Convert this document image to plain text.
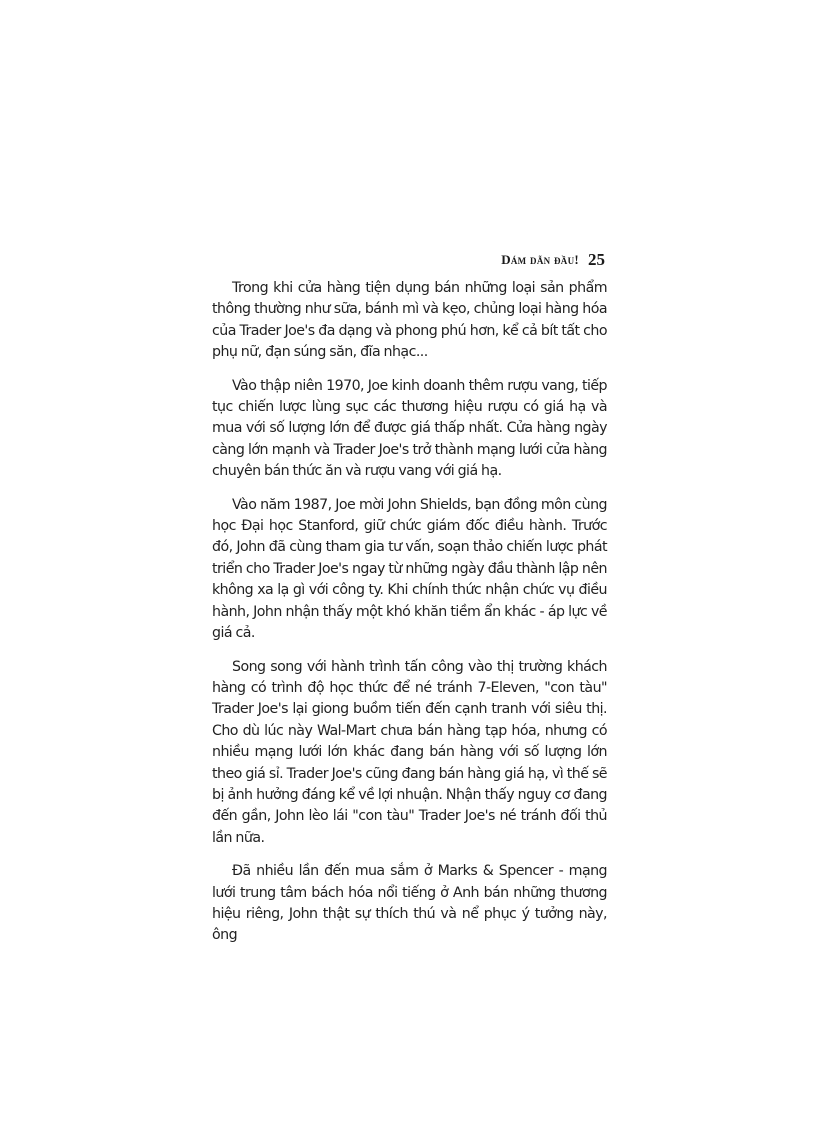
Dám dẫn đầu! 25

Trong khi cửa hàng tiện dụng bán những loại sản phẩm thông thường như sữa, bánh mì và kẹo, chủng loại hàng hóa của Trader Joe's đa dạng và phong phú hơn, kể cả bít tất cho phụ nữ, đạn súng săn, đĩa nhạc...

Vào thập niên 1970, Joe kinh doanh thêm rượu vang, tiếp tục chiến lược lùng sục các thương hiệu rượu có giá hạ và mua với số lượng lớn để được giá thấp nhất. Cửa hàng ngày càng lớn mạnh và Trader Joe's trở thành mạng lưới cửa hàng chuyên bán thức ăn và rượu vang với giá hạ.

Vào năm 1987, Joe mời John Shields, bạn đồng môn cùng học Đại học Stanford, giữ chức giám đốc điều hành. Trước đó, John đã cùng tham gia tư vấn, soạn thảo chiến lược phát triển cho Trader Joe's ngay từ những ngày đầu thành lập nên không xa lạ gì với công ty. Khi chính thức nhận chức vụ điều hành, John nhận thấy một khó khăn tiềm ẩn khác - áp lực về giá cả.

Song song với hành trình tấn công vào thị trường khách hàng có trình độ học thức để né tránh 7-Eleven, "con tàu" Trader Joe's lại giong buồm tiến đến cạnh tranh với siêu thị. Cho dù lúc này Wal-Mart chưa bán hàng tạp hóa, nhưng có nhiều mạng lưới lớn khác đang bán hàng với số lượng lớn theo giá sỉ. Trader Joe's cũng đang bán hàng giá hạ, vì thế sẽ bị ảnh hưởng đáng kể về lợi nhuận. Nhận thấy nguy cơ đang đến gần, John lèo lái "con tàu" Trader Joe's né tránh đối thủ lần nữa.

Đã nhiều lần đến mua sắm ở Marks & Spencer - mạng lưới trung tâm bách hóa nổi tiếng ở Anh bán những thương hiệu riêng, John thật sự thích thú và nể phục ý tưởng này, ông
